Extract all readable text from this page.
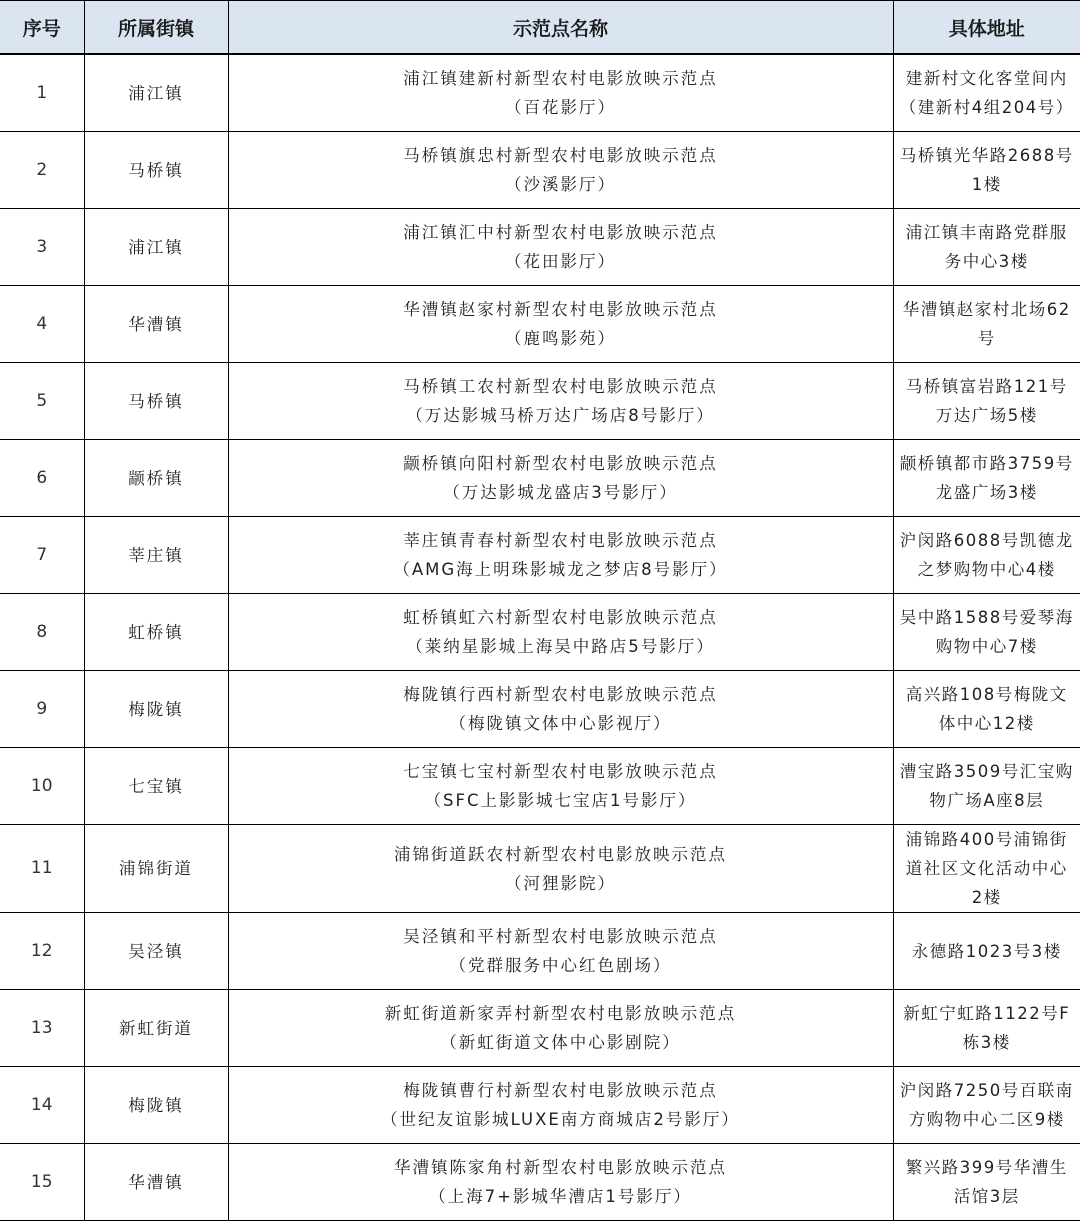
序号	所属街镇	示范点名称	具体地址
1	浦江镇	浦江镇建新村新型农村电影放映示范点
（百花影厅）	建新村文化客堂间内
（建新村4组204号）

2	马桥镇	马桥镇旗忠村新型农村电影放映示范点
（沙溪影厅）	马桥镇光华路2688号
1楼

3	浦江镇	浦江镇汇中村新型农村电影放映示范点
（花田影厅）	浦江镇丰南路党群服
务中心3楼

4	华漕镇	华漕镇赵家村新型农村电影放映示范点
（鹿鸣影苑）	华漕镇赵家村北场62
号

5	马桥镇	马桥镇工农村新型农村电影放映示范点
（万达影城马桥万达广场店8号影厅）	马桥镇富岩路121号
万达广场5楼

6	颛桥镇	颛桥镇向阳村新型农村电影放映示范点
（万达影城龙盛店3号影厅）	颛桥镇都市路3759号
龙盛广场3楼

7	莘庄镇	莘庄镇青春村新型农村电影放映示范点
（AMG海上明珠影城龙之梦店8号影厅）	沪闵路6088号凯德龙
之梦购物中心4楼

8	虹桥镇	虹桥镇虹六村新型农村电影放映示范点
（莱纳星影城上海吴中路店5号影厅）	吴中路1588号爱琴海
购物中心7楼

9	梅陇镇	梅陇镇行西村新型农村电影放映示范点
（梅陇镇文体中心影视厅）	高兴路108号梅陇文
体中心12楼

10	七宝镇	七宝镇七宝村新型农村电影放映示范点
（SFC上影影城七宝店1号影厅）	漕宝路3509号汇宝购
物广场A座8层

11	浦锦街道	浦锦街道跃农村新型农村电影放映示范点
（河狸影院）	浦锦路400号浦锦街
道社区文化活动中心
2楼

12	吴泾镇	吴泾镇和平村新型农村电影放映示范点
（党群服务中心红色剧场）	永德路1023号3楼

13	新虹街道	新虹街道新家弄村新型农村电影放映示范点
（新虹街道文体中心影剧院）	新虹宁虹路1122号F
栋3楼

14	梅陇镇	梅陇镇曹行村新型农村电影放映示范点
（世纪友谊影城LUXE南方商城店2号影厅）	沪闵路7250号百联南
方购物中心二区9楼

15	华漕镇	华漕镇陈家角村新型农村电影放映示范点
（上海7+影城华漕店1号影厅）	繁兴路399号华漕生
活馆3层
